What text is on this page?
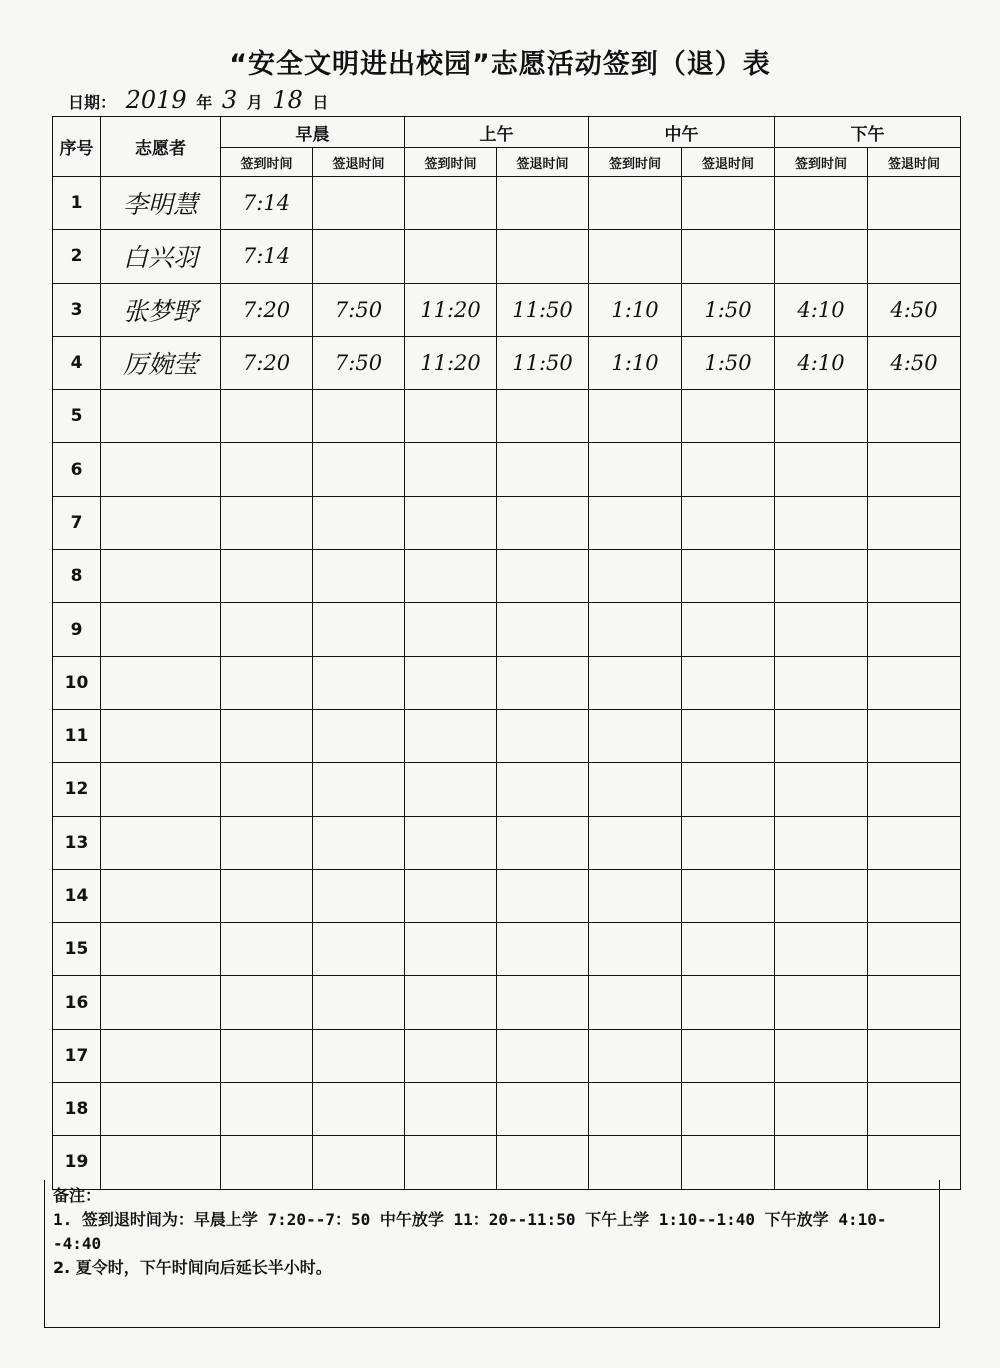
“安全文明进出校园”志愿活动签到（退）表
日期： 2019 年 3 月 18 日
序号	志愿者	早晨		上午		中午		下午	
		签到时间	签退时间	签到时间	签退时间	签到时间	签退时间	签到时间	签退时间
1	李明慧	7:14							
2	白兴羽	7:14							
3	张梦野	7:20	7:50	11:20	11:50	1:10	1:50	4:10	4:50
4	厉婉莹	7:20	7:50	11:20	11:50	1:10	1:50	4:10	4:50
5									
6									
7									
8									
9									
10									
11									
12									
13									
14									
15									
16									
17									
18									
19									
备注：
1. 签到退时间为：早晨上学 7:20--7：50 中午放学 11：20--11:50 下午上学 1:10--1:40 下午放学 4:10--4:40
2. 夏令时，下午时间向后延长半小时。
